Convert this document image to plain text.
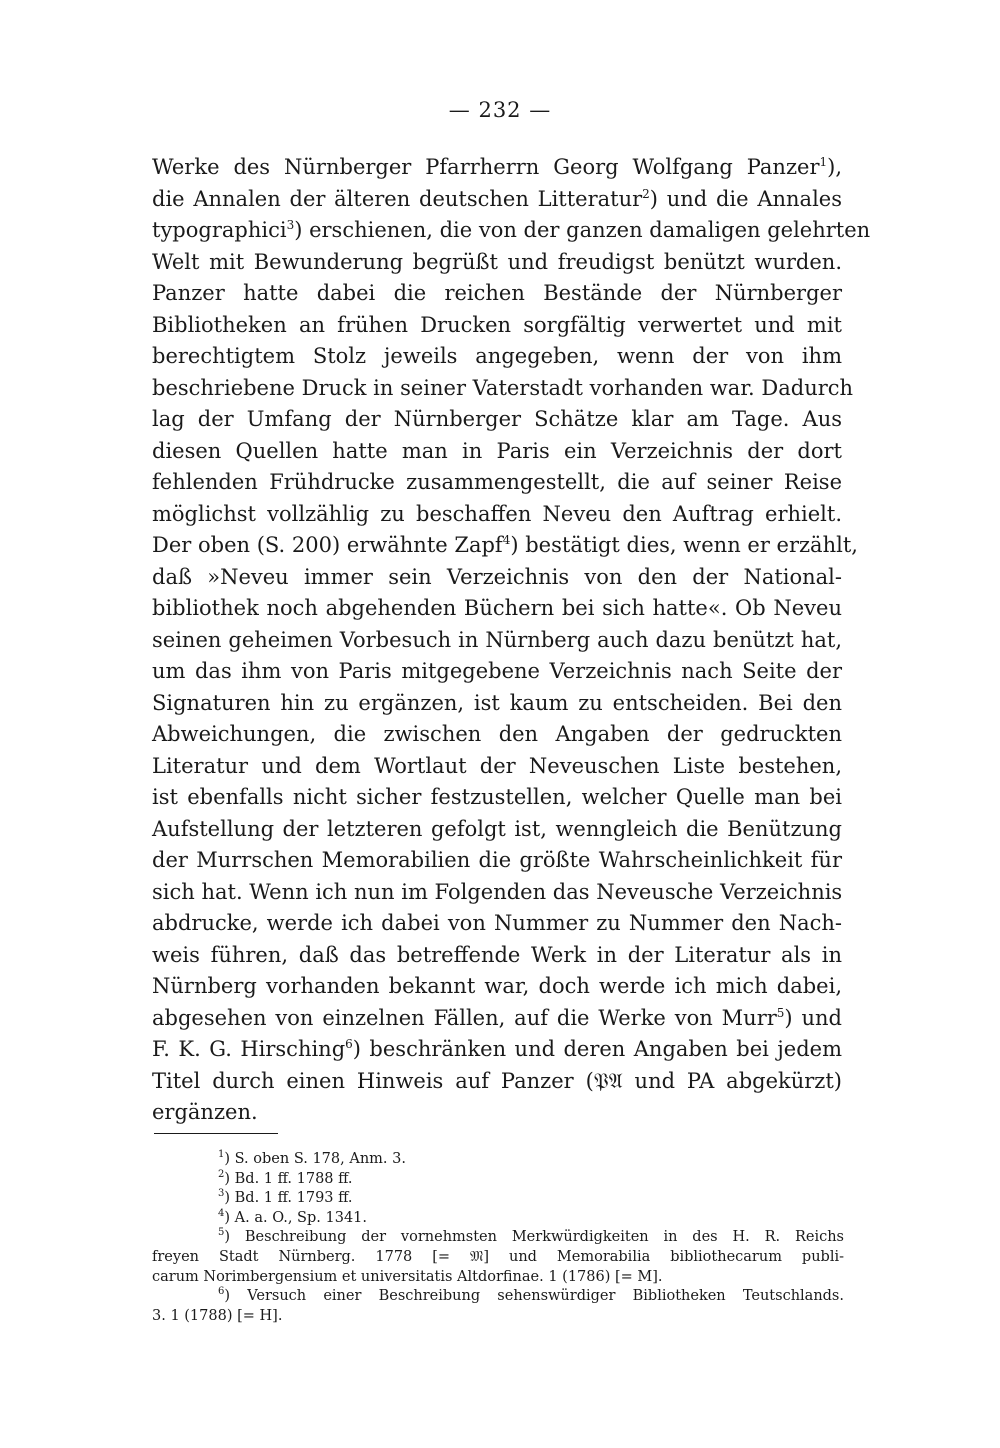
— 232 —
Werke des Nürnberger Pfarrherrn Georg Wolfgang Panzer$^1$),
die Annalen der älteren deutschen Litteratur$^2$) und die Annales
typographici$^3$) erschienen, die von der ganzen damaligen gelehrten
Welt mit Bewunderung begrüßt und freudigst benützt wurden.
Panzer hatte dabei die reichen Bestände der Nürnberger
Bibliotheken an frühen Drucken sorgfältig verwertet und mit
berechtigtem Stolz jeweils angegeben, wenn der von ihm
beschriebene Druck in seiner Vaterstadt vorhanden war. Dadurch
lag der Umfang der Nürnberger Schätze klar am Tage. Aus
diesen Quellen hatte man in Paris ein Verzeichnis der dort
fehlenden Frühdrucke zusammengestellt, die auf seiner Reise
möglichst vollzählig zu beschaffen Neveu den Auftrag erhielt.
Der oben (S. 200) erwähnte Zapf$^4$) bestätigt dies, wenn er erzählt,
daß »Neveu immer sein Verzeichnis von den der National-
bibliothek noch abgehenden Büchern bei sich hatte«. Ob Neveu
seinen geheimen Vorbesuch in Nürnberg auch dazu benützt hat,
um das ihm von Paris mitgegebene Verzeichnis nach Seite der
Signaturen hin zu ergänzen, ist kaum zu entscheiden. Bei den
Abweichungen, die zwischen den Angaben der gedruckten
Literatur und dem Wortlaut der Neveuschen Liste bestehen,
ist ebenfalls nicht sicher festzustellen, welcher Quelle man bei
Aufstellung der letzteren gefolgt ist, wenngleich die Benützung
der Murrschen Memorabilien die größte Wahrscheinlichkeit für
sich hat. Wenn ich nun im Folgenden das Neveusche Verzeichnis
abdrucke, werde ich dabei von Nummer zu Nummer den Nach-
weis führen, daß das betreffende Werk in der Literatur als in
Nürnberg vorhanden bekannt war, doch werde ich mich dabei,
abgesehen von einzelnen Fällen, auf die Werke von Murr$^5$) und
F. K. G. Hirsching$^6$) beschränken und deren Angaben bei jedem
Titel durch einen Hinweis auf Panzer (𝔓𝔄 und PA abgekürzt)
ergänzen.
$^1$) S. oben S. 178, Anm. 3.
$^2$) Bd. 1 ff. 1788 ff.
$^3$) Bd. 1 ff. 1793 ff.
$^4$) A. a. O., Sp. 1341.
$^5$) Beschreibung der vornehmsten Merkwürdigkeiten in des H. R. Reichs
freyen Stadt Nürnberg. 1778 [= 𝔐] und Memorabilia bibliothecarum publi-
carum Norimbergensium et universitatis Altdorfinae. 1 (1786) [= M].
$^6$) Versuch einer Beschreibung sehenswürdiger Bibliotheken Teutschlands.
3. 1 (1788) [= H].
